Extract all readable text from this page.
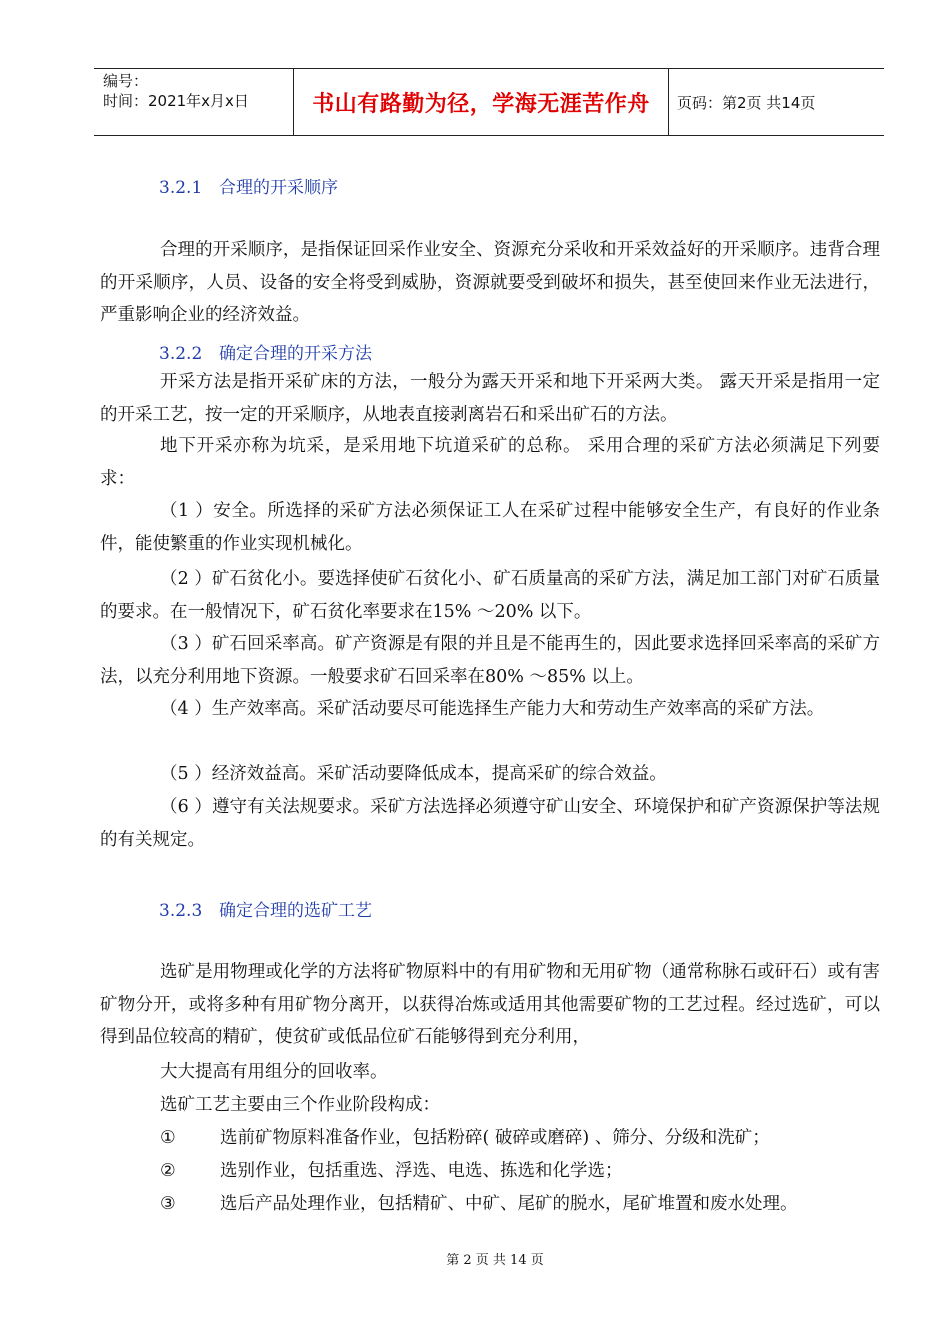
编号：
时间：2021年x月x日	书山有路勤为径，学海无涯苦作舟	页码：第2页 共14页
3.2.1 合理的开采顺序

合理的开采顺序，是指保证回采作业安全、资源充分采收和开采效益好的开采顺序。违背合理的开采顺序，人员、设备的安全将受到威胁，资源就要受到破坏和损失，甚至使回来作业无法进行，严重影响企业的经济效益。

3.2.2 确定合理的开采方法

开采方法是指开采矿床的方法，一般分为露天开采和地下开采两大类。 露天开采是指用一定的开采工艺，按一定的开采顺序，从地表直接剥离岩石和采出矿石的方法。

地下开采亦称为坑采，是采用地下坑道采矿的总称。 采用合理的采矿方法必须满足下列要求：

（1 ）安全。所选择的采矿方法必须保证工人在采矿过程中能够安全生产，有良好的作业条件，能使繁重的作业实现机械化。

（2 ）矿石贫化小。要选择使矿石贫化小、矿石质量高的采矿方法，满足加工部门对矿石质量的要求。在一般情况下，矿石贫化率要求在15% ～20% 以下。

（3 ）矿石回采率高。矿产资源是有限的并且是不能再生的，因此要求选择回采率高的采矿方法，以充分利用地下资源。一般要求矿石回采率在80% ～85% 以上。

（4 ）生产效率高。采矿活动要尽可能选择生产能力大和劳动生产效率高的采矿方法。

（5 ）经济效益高。采矿活动要降低成本，提高采矿的综合效益。

（6 ）遵守有关法规要求。采矿方法选择必须遵守矿山安全、环境保护和矿产资源保护等法规的有关规定。

3.2.3 确定合理的选矿工艺

选矿是用物理或化学的方法将矿物原料中的有用矿物和无用矿物（通常称脉石或矸石）或有害矿物分开，或将多种有用矿物分离开，以获得冶炼或适用其他需要矿物的工艺过程。经过选矿，可以得到品位较高的精矿，使贫矿或低品位矿石能够得到充分利用，

大大提高有用组分的回收率。
选矿工艺主要由三个作业阶段构成：
①	选前矿物原料准备作业，包括粉碎( 破碎或磨碎) 、筛分、分级和洗矿；
②	选别作业，包括重选、浮选、电选、拣选和化学选；
③	选后产品处理作业，包括精矿、中矿、尾矿的脱水，尾矿堆置和废水处理。
第 2 页 共 14 页
